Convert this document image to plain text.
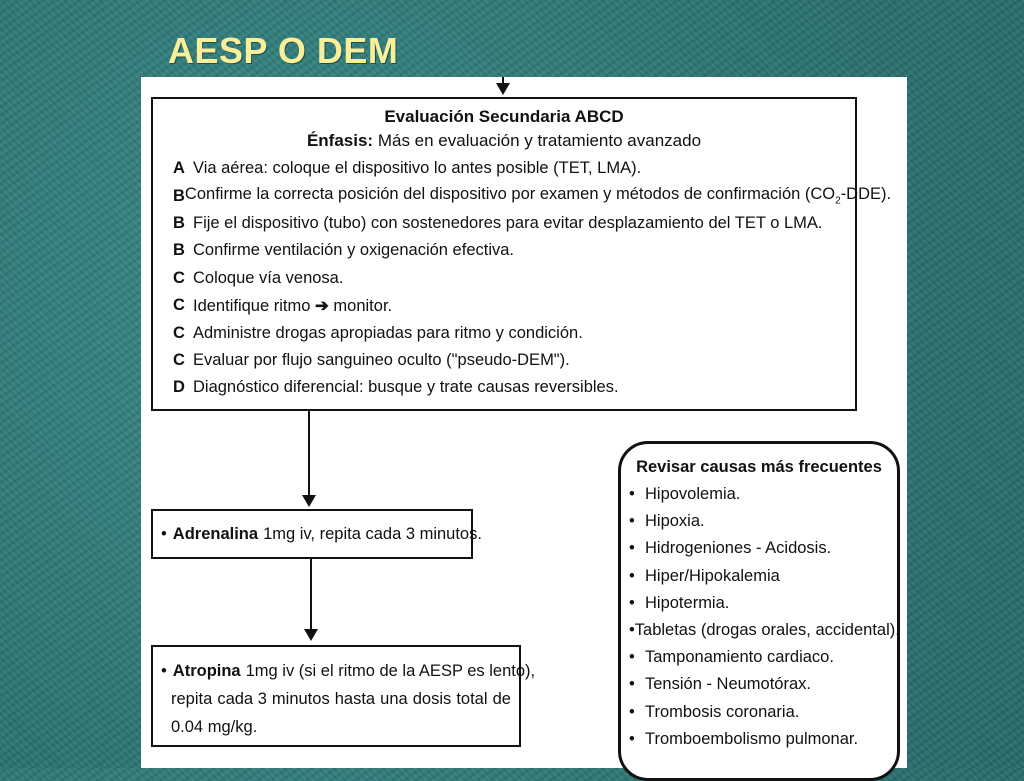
AESP O DEM
Evaluación Secundaria ABCD
Énfasis: Más en evaluación y tratamiento avanzado
A Via aérea: coloque el dispositivo lo antes posible (TET, LMA).
B Confirme la correcta posición del dispositivo por examen y métodos de confirmación $(CO_2-DDE)$.
B Fije el dispositivo (tubo) con sostenedores para evitar desplazamiento del TET o LMA.
B Confirme ventilación y oxigenación efectiva.
C Coloque vía venosa.
C Identifique ritmo ➔ monitor.
C Administre drogas apropiadas para ritmo y condición.
C Evaluar por flujo sanguineo oculto ("pseudo-DEM").
D Diagnóstico diferencial: busque y trate causas reversibles.
• Adrenalina 1mg iv, repita cada 3 minutos.
• Atropina 1mg iv (si el ritmo de la AESP es lento),
repita cada 3 minutos hasta una dosis total de
0.04 mg/kg.
Revisar causas más frecuentes
• Hipovolemia.
• Hipoxia.
• Hidrogeniones - Acidosis.
• Hiper/Hipokalemia
• Hipotermia.
• Tabletas (drogas orales, accidental).
• Tamponamiento cardiaco.
• Tensión - Neumotórax.
• Trombosis coronaria.
• Tromboembolismo pulmonar.
